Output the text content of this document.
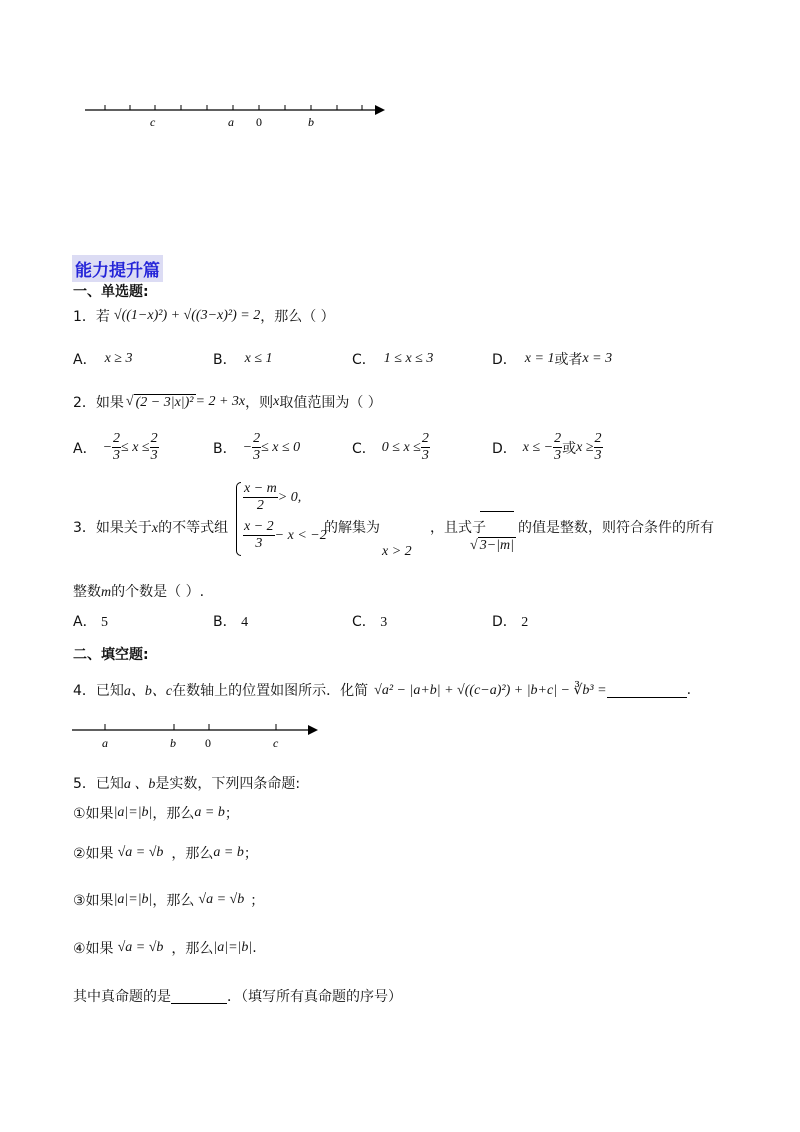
c	a 0	b
能力提升篇
一、单选题:
1．若 √((1−x)²) + √((3−x)²) = 2 ，那么（ ）
A． x ≥ 3	B． x ≤ 1	C． 1 ≤ x ≤ 3	D． x = 1 或者 x = 3
2．如果 √ (2 − 3|x|)² = 2 + 3x ，则 x 取值范围为（ ）
A． − $\frac{2}{3} \le x \le \frac{2}{3}$	B． − $\frac{2}{3} \le x \le 0$	C． $0 \le x \le \frac{2}{3}$	D． x ≤ − $\frac{2}{3}$ 或 $x \ge \frac{2}{3}$
3．如果关于x的不等式组
$\frac{x - m}{2} > 0$,
$\frac{x - 2}{3} - x < -2$
的解集为	，且式子 的值是整数，则符合条件的所有
x > 2	√ 3−|m|
整数m的个数是（ ）.
A． 5	B． 4	C． 3	D． 2
二、填空题:
4．已知 a、b、c 在数轴上的位置如图所示．化简 √a² − |a+b| + √((c−a)²) + |b+c| − ∛b³ =	.
a	b 0	c
5．已知 a 、b 是实数，下列四条命题:
①如果 |a|=|b| ，那么 a = b ；
②如果 √a = √b ，那么 a = b ；
③如果 |a|=|b| ，那么 √a = √b ；
④如果 √a = √b ，那么 |a|=|b| .
其中真命题的是	．（填写所有真命题的序号）
